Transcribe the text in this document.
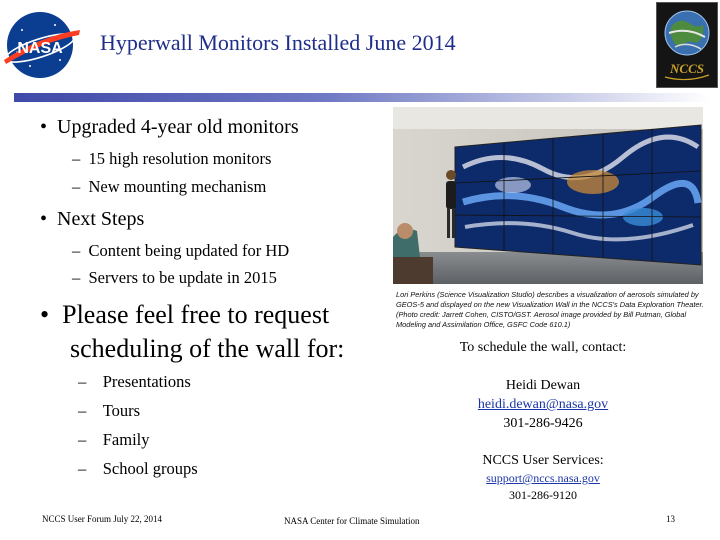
NASA Hyperwall Monitors Installed June 2014
NCCS
• Upgraded 4-year old monitors
–  15 high resolution monitors
–  New mounting mechanism
• Next Steps
–  Content being updated for HD
–  Servers to be update in 2015
• Please feel free to request
scheduling of the wall for:
–    Presentations
–    Tours
–    Family
–    School groups
Lori Perkins (Science Visualization Studio) describes a visualization of aerosols simulated by GEOS-5 and displayed on the new Visualization Wall in the NCCS's Data Exploration Theater. (Photo credit: Jarrett Cohen, CISTO/GST. Aerosol image provided by Bill Putman, Global Modeling and Assimilation Office, GSFC Code 610.1)
To schedule the wall, contact:
Heidi Dewan
heidi.dewan@nasa.gov
301-286-9426
NCCS User Services:
support@nccs.nasa.gov
301-286-9120
NCCS User Forum July 22, 2014	NASA Center for Climate Simulation	13
